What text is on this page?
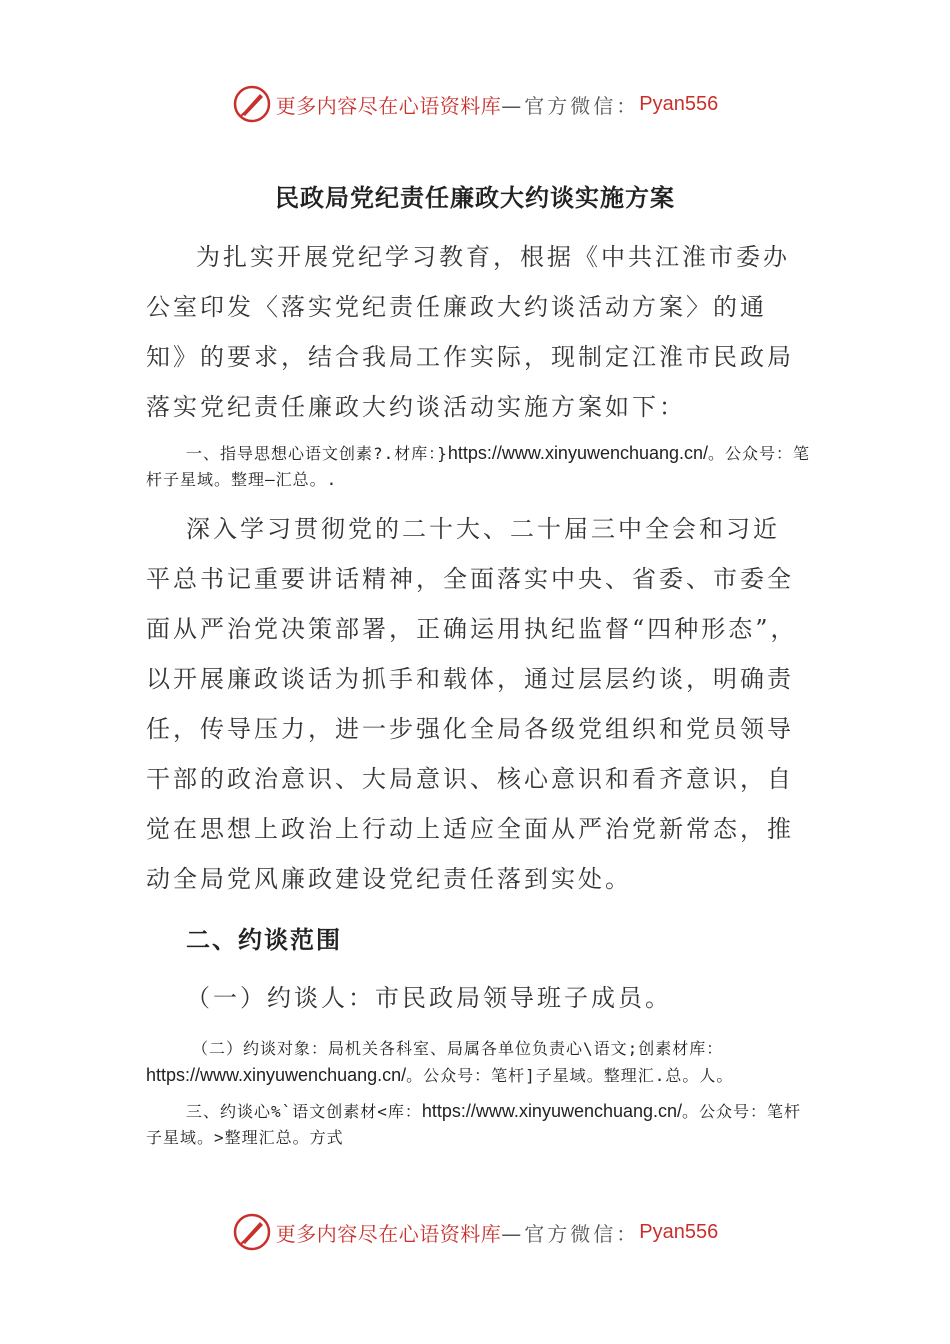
更多内容尽在心语资料库 —官方微信： Pyan556
民政局党纪责任廉政大约谈实施方案

为扎实开展党纪学习教育，根据《中共江淮市委办公室印发〈落实党纪责任廉政大约谈活动方案〉的通知》的要求，结合我局工作实际，现制定江淮市民政局落实党纪责任廉政大约谈活动实施方案如下：

一、指导思想心语文创素?.材库：}https://www.xinyuwenchuang.cn/。公众号：笔杆子星域。整理—汇总。.

深入学习贯彻党的二十大、二十届三中全会和习近平总书记重要讲话精神，全面落实中央、省委、市委全面从严治党决策部署，正确运用执纪监督“四种形态”，以开展廉政谈话为抓手和载体，通过层层约谈，明确责任，传导压力，进一步强化全局各级党组织和党员领导干部的政治意识、大局意识、核心意识和看齐意识，自觉在思想上政治上行动上适应全面从严治党新常态，推动全局党风廉政建设党纪责任落到实处。

二、约谈范围
（一）约谈人：市民政局领导班子成员。

（二）约谈对象：局机关各科室、局属各单位负责心\语文;创素材库：https://www.xinyuwenchuang.cn/。公众号：笔杆]子星域。整理汇.总。人。

三、约谈心%`语文创素材<库：https://www.xinyuwenchuang.cn/。公众号：笔杆子星域。>整理汇总。方式

更多内容尽在心语资料库 —官方微信： Pyan556
